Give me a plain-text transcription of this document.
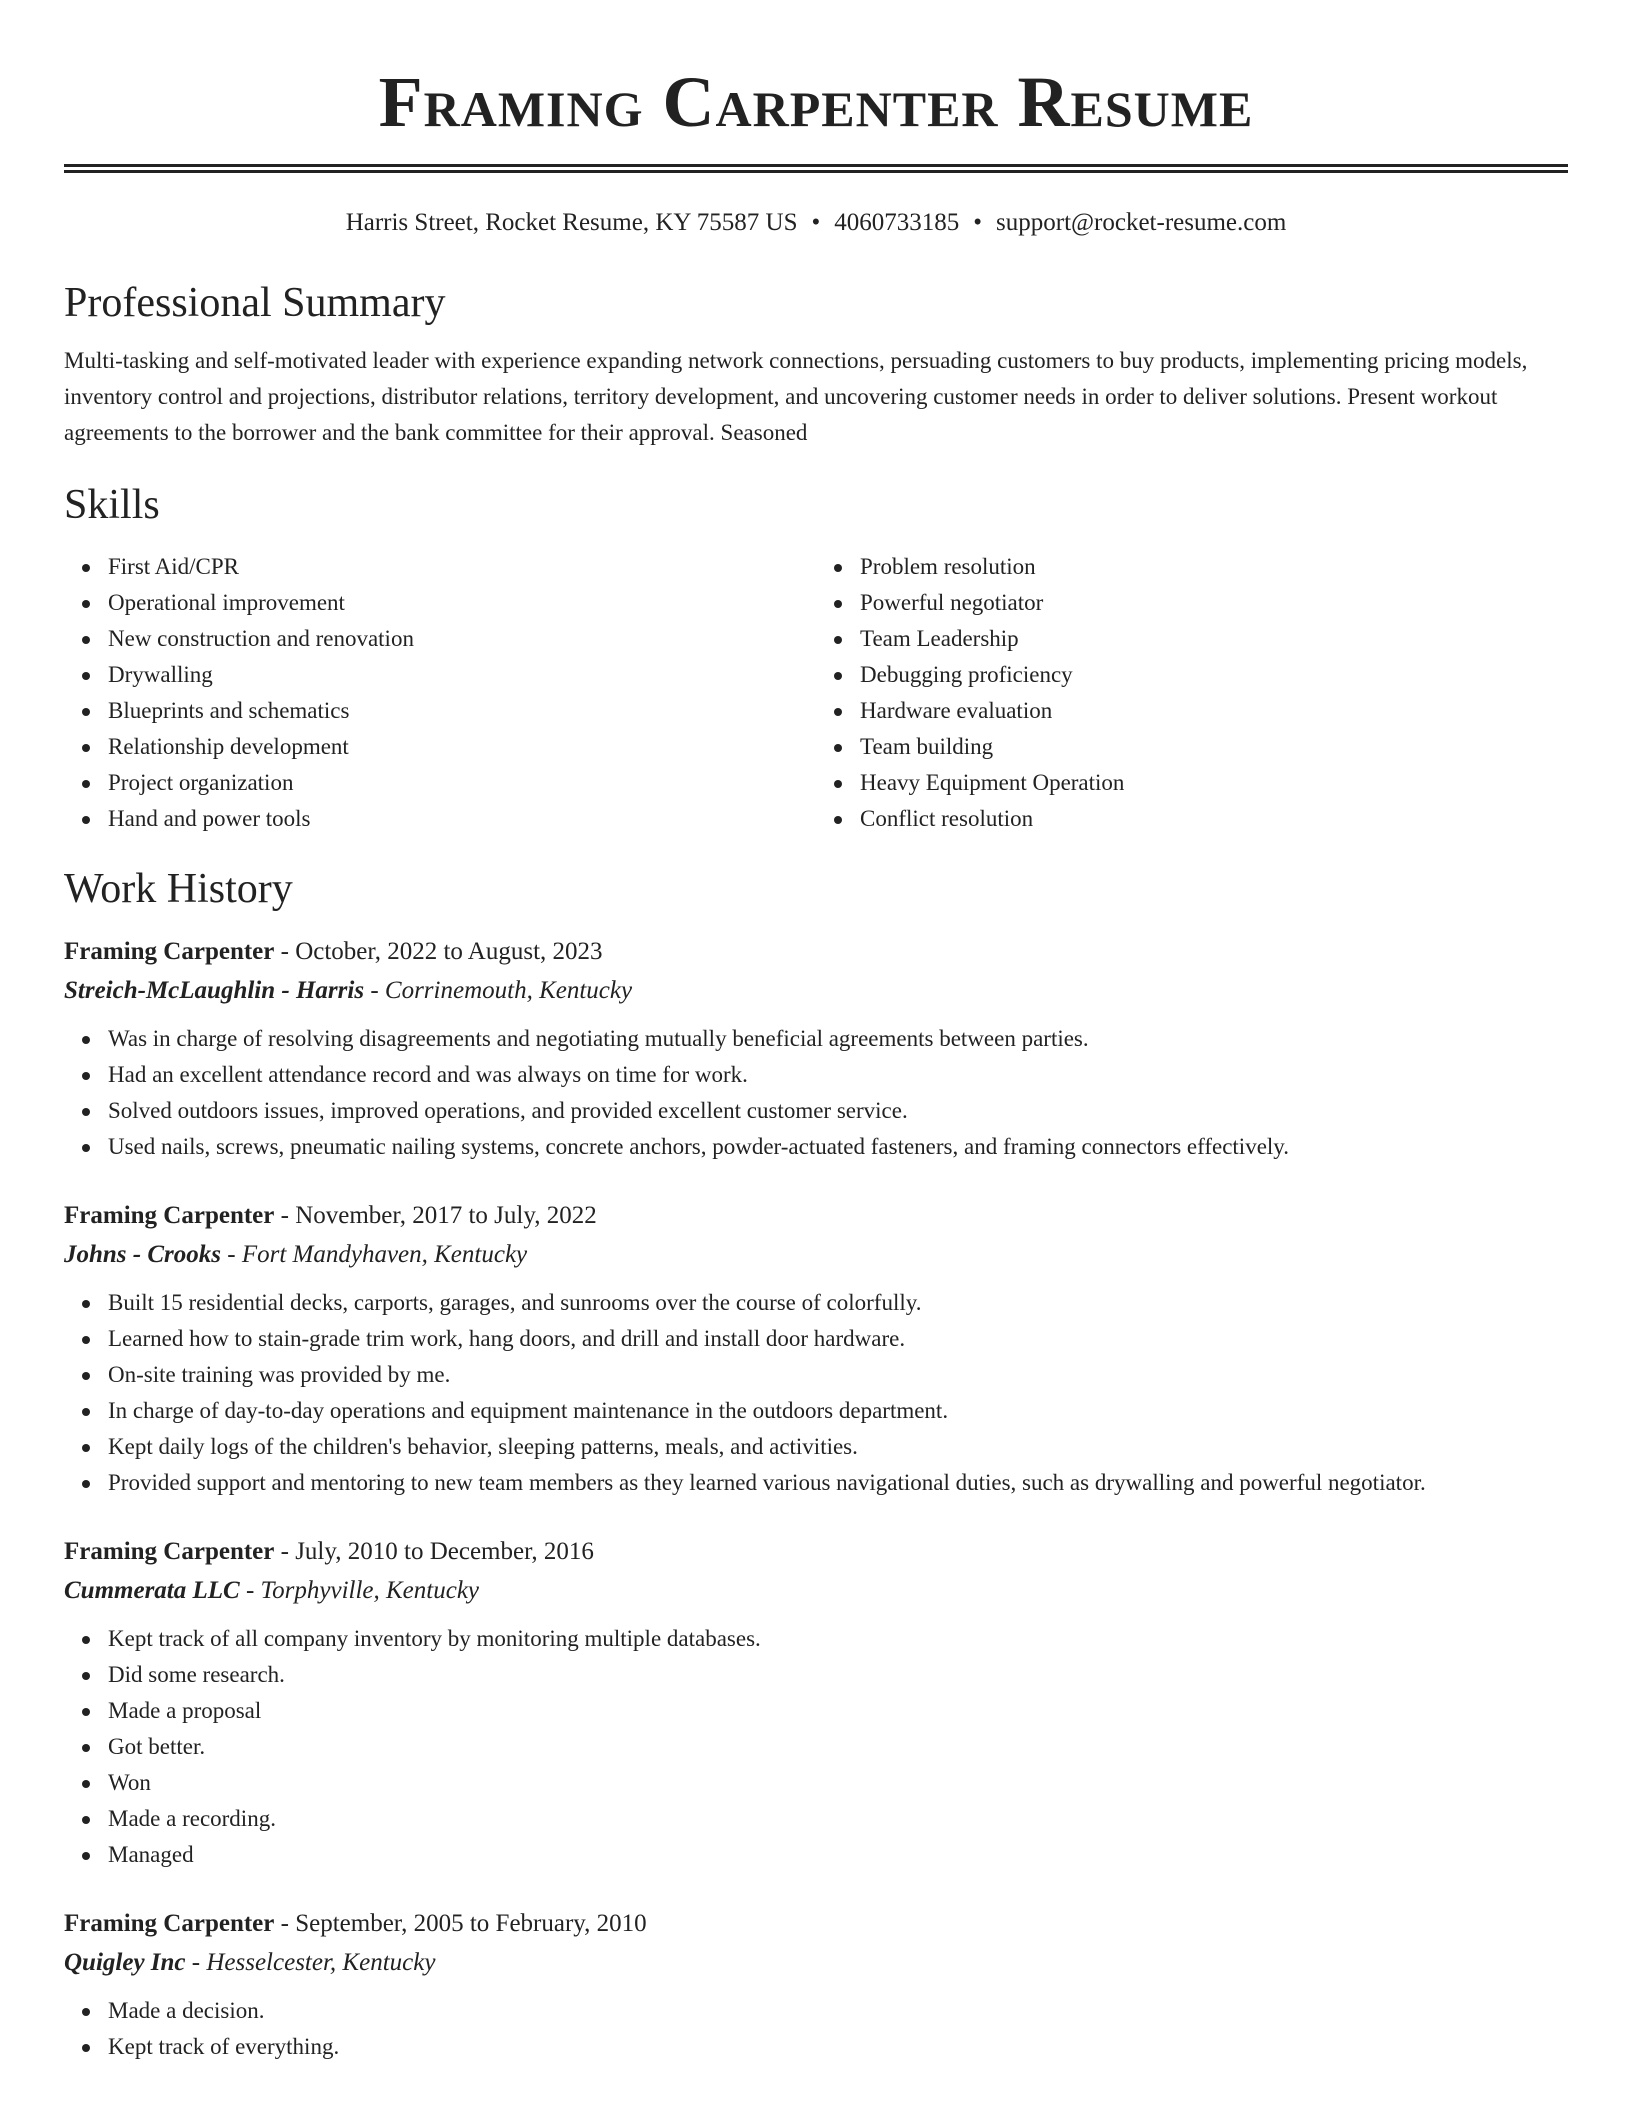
Framing Carpenter Resume
Harris Street, Rocket Resume, KY 75587 US • 4060733185 • support@rocket-resume.com
Professional Summary
Multi-tasking and self-motivated leader with experience expanding network connections, persuading customers to buy products, implementing pricing models, inventory control and projections, distributor relations, territory development, and uncovering customer needs in order to deliver solutions. Present workout agreements to the borrower and the bank committee for their approval. Seasoned
Skills
First Aid/CPR
Operational improvement
New construction and renovation
Drywalling
Blueprints and schematics
Relationship development
Project organization
Hand and power tools
Problem resolution
Powerful negotiator
Team Leadership
Debugging proficiency
Hardware evaluation
Team building
Heavy Equipment Operation
Conflict resolution
Work History
Framing Carpenter - October, 2022 to August, 2023
Streich-McLaughlin - Harris - Corrinemouth, Kentucky
Was in charge of resolving disagreements and negotiating mutually beneficial agreements between parties.
Had an excellent attendance record and was always on time for work.
Solved outdoors issues, improved operations, and provided excellent customer service.
Used nails, screws, pneumatic nailing systems, concrete anchors, powder-actuated fasteners, and framing connectors effectively.
Framing Carpenter - November, 2017 to July, 2022
Johns - Crooks - Fort Mandyhaven, Kentucky
Built 15 residential decks, carports, garages, and sunrooms over the course of colorfully.
Learned how to stain-grade trim work, hang doors, and drill and install door hardware.
On-site training was provided by me.
In charge of day-to-day operations and equipment maintenance in the outdoors department.
Kept daily logs of the children's behavior, sleeping patterns, meals, and activities.
Provided support and mentoring to new team members as they learned various navigational duties, such as drywalling and powerful negotiator.
Framing Carpenter - July, 2010 to December, 2016
Cummerata LLC - Torphyville, Kentucky
Kept track of all company inventory by monitoring multiple databases.
Did some research.
Made a proposal
Got better.
Won
Made a recording.
Managed
Framing Carpenter - September, 2005 to February, 2010
Quigley Inc - Hesselcester, Kentucky
Made a decision.
Kept track of everything.
